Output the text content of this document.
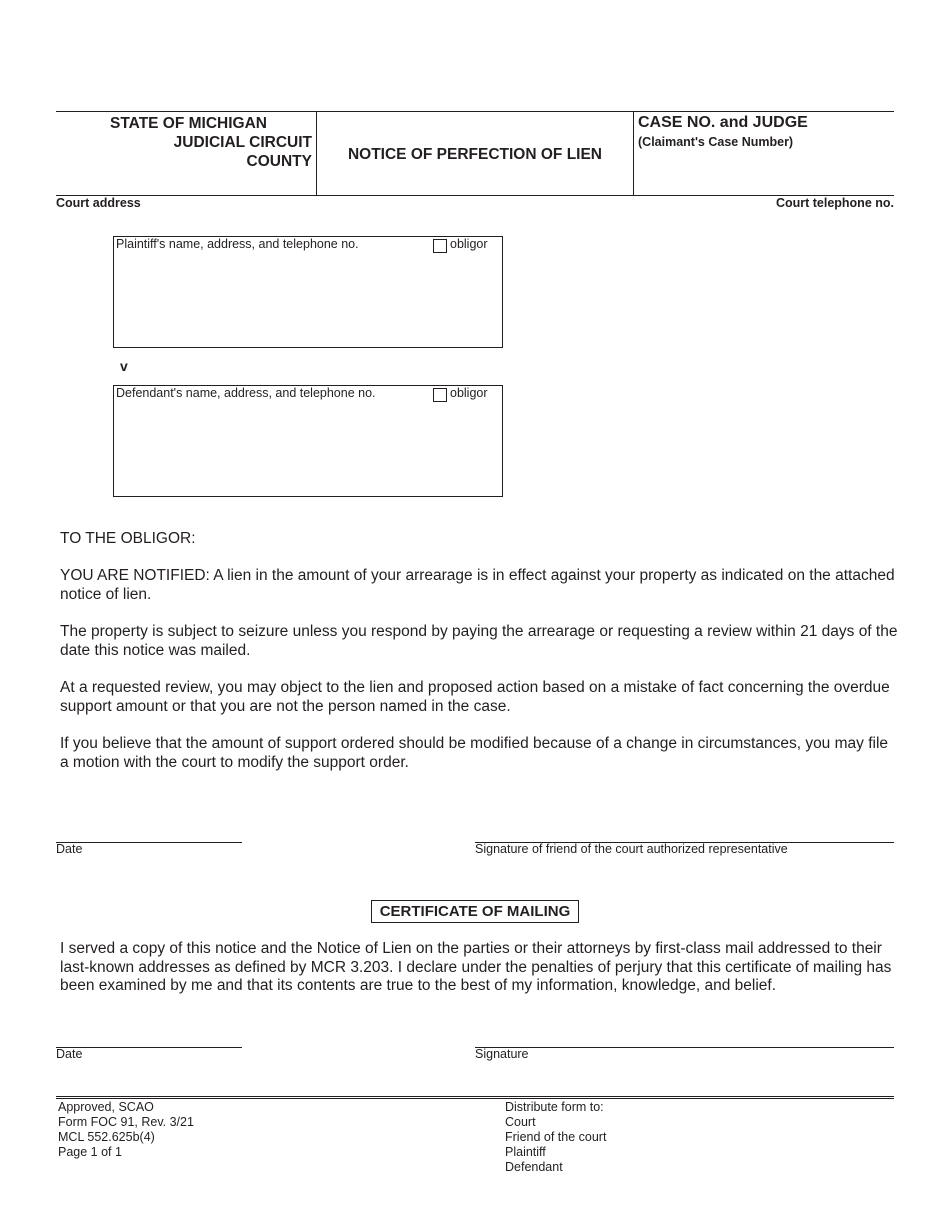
STATE OF MICHIGAN
JUDICIAL CIRCUIT
COUNTY	NOTICE OF PERFECTION OF LIEN
CASE NO. and JUDGE
(Claimant's Case Number)
Court address	Court telephone no.
Plaintiff's name, address, and telephone no.	obligor
v
Defendant's name, address, and telephone no.	obligor
TO THE OBLIGOR:
YOU ARE NOTIFIED: A lien in the amount of your arrearage is in effect against your property as indicated on the attached notice of lien.
The property is subject to seizure unless you respond by paying the arrearage or requesting a review within 21 days of the date this notice was mailed.
At a requested review, you may object to the lien and proposed action based on a mistake of fact concerning the overdue support amount or that you are not the person named in the case.
If you believe that the amount of support ordered should be modified because of a change in circumstances, you may file a motion with the court to modify the support order.
Date	Signature of friend of the court authorized representative
CERTIFICATE OF MAILING
I served a copy of this notice and the Notice of Lien on the parties or their attorneys by first-class mail addressed to their last-known addresses as defined by MCR 3.203. I declare under the penalties of perjury that this certificate of mailing has been examined by me and that its contents are true to the best of my information, knowledge, and belief.
Date	Signature
Approved, SCAO
Form FOC 91, Rev. 3/21
MCL 552.625b(4)
Page 1 of 1
Distribute form to:
Court
Friend of the court
Plaintiff
Defendant
